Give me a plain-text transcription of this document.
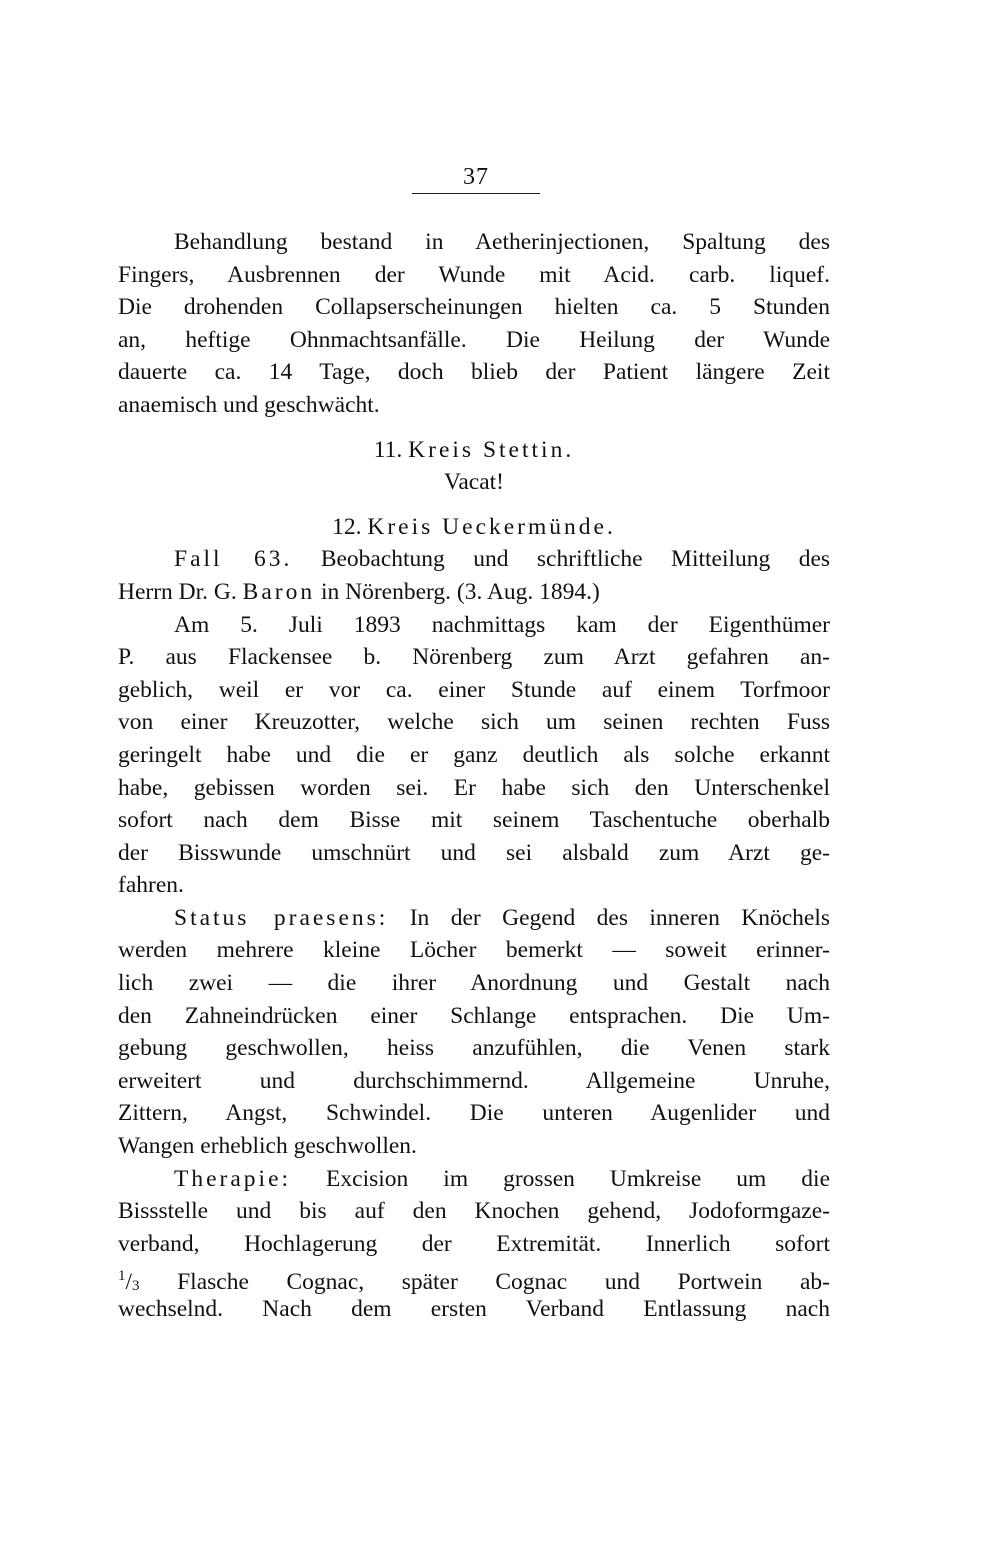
37
Behandlung bestand in Aetherinjectionen, Spaltung des
Fingers, Ausbrennen der Wunde mit Acid. carb. liquef.
Die drohenden Collapserscheinungen hielten ca. 5 Stunden
an, heftige Ohnmachtsanfälle. Die Heilung der Wunde
dauerte ca. 14 Tage, doch blieb der Patient längere Zeit
anaemisch und geschwächt.
11. Kreis Stettin.
Vacat!
12. Kreis Ueckermünde.
Fall 63. Beobachtung und schriftliche Mitteilung des
Herrn Dr. G. Baron in Nörenberg. (3. Aug. 1894.)
Am 5. Juli 1893 nachmittags kam der Eigenthümer
P. aus Flackensee b. Nörenberg zum Arzt gefahren an-
geblich, weil er vor ca. einer Stunde auf einem Torfmoor
von einer Kreuzotter, welche sich um seinen rechten Fuss
geringelt habe und die er ganz deutlich als solche erkannt
habe, gebissen worden sei. Er habe sich den Unterschenkel
sofort nach dem Bisse mit seinem Taschentuche oberhalb
der Bisswunde umschnürt und sei alsbald zum Arzt ge-
fahren.
Status praesens: In der Gegend des inneren Knöchels
werden mehrere kleine Löcher bemerkt — soweit erinner-
lich zwei — die ihrer Anordnung und Gestalt nach
den Zahneindrücken einer Schlange entsprachen. Die Um-
gebung geschwollen, heiss anzufühlen, die Venen stark
erweitert und durchschimmernd. Allgemeine Unruhe,
Zittern, Angst, Schwindel. Die unteren Augenlider und
Wangen erheblich geschwollen.
Therapie: Excision im grossen Umkreise um die
Bissstelle und bis auf den Knochen gehend, Jodoformgaze-
verband, Hochlagerung der Extremität. Innerlich sofort
$^1$/3 Flasche Cognac, später Cognac und Portwein ab-
wechselnd. Nach dem ersten Verband Entlassung nach
